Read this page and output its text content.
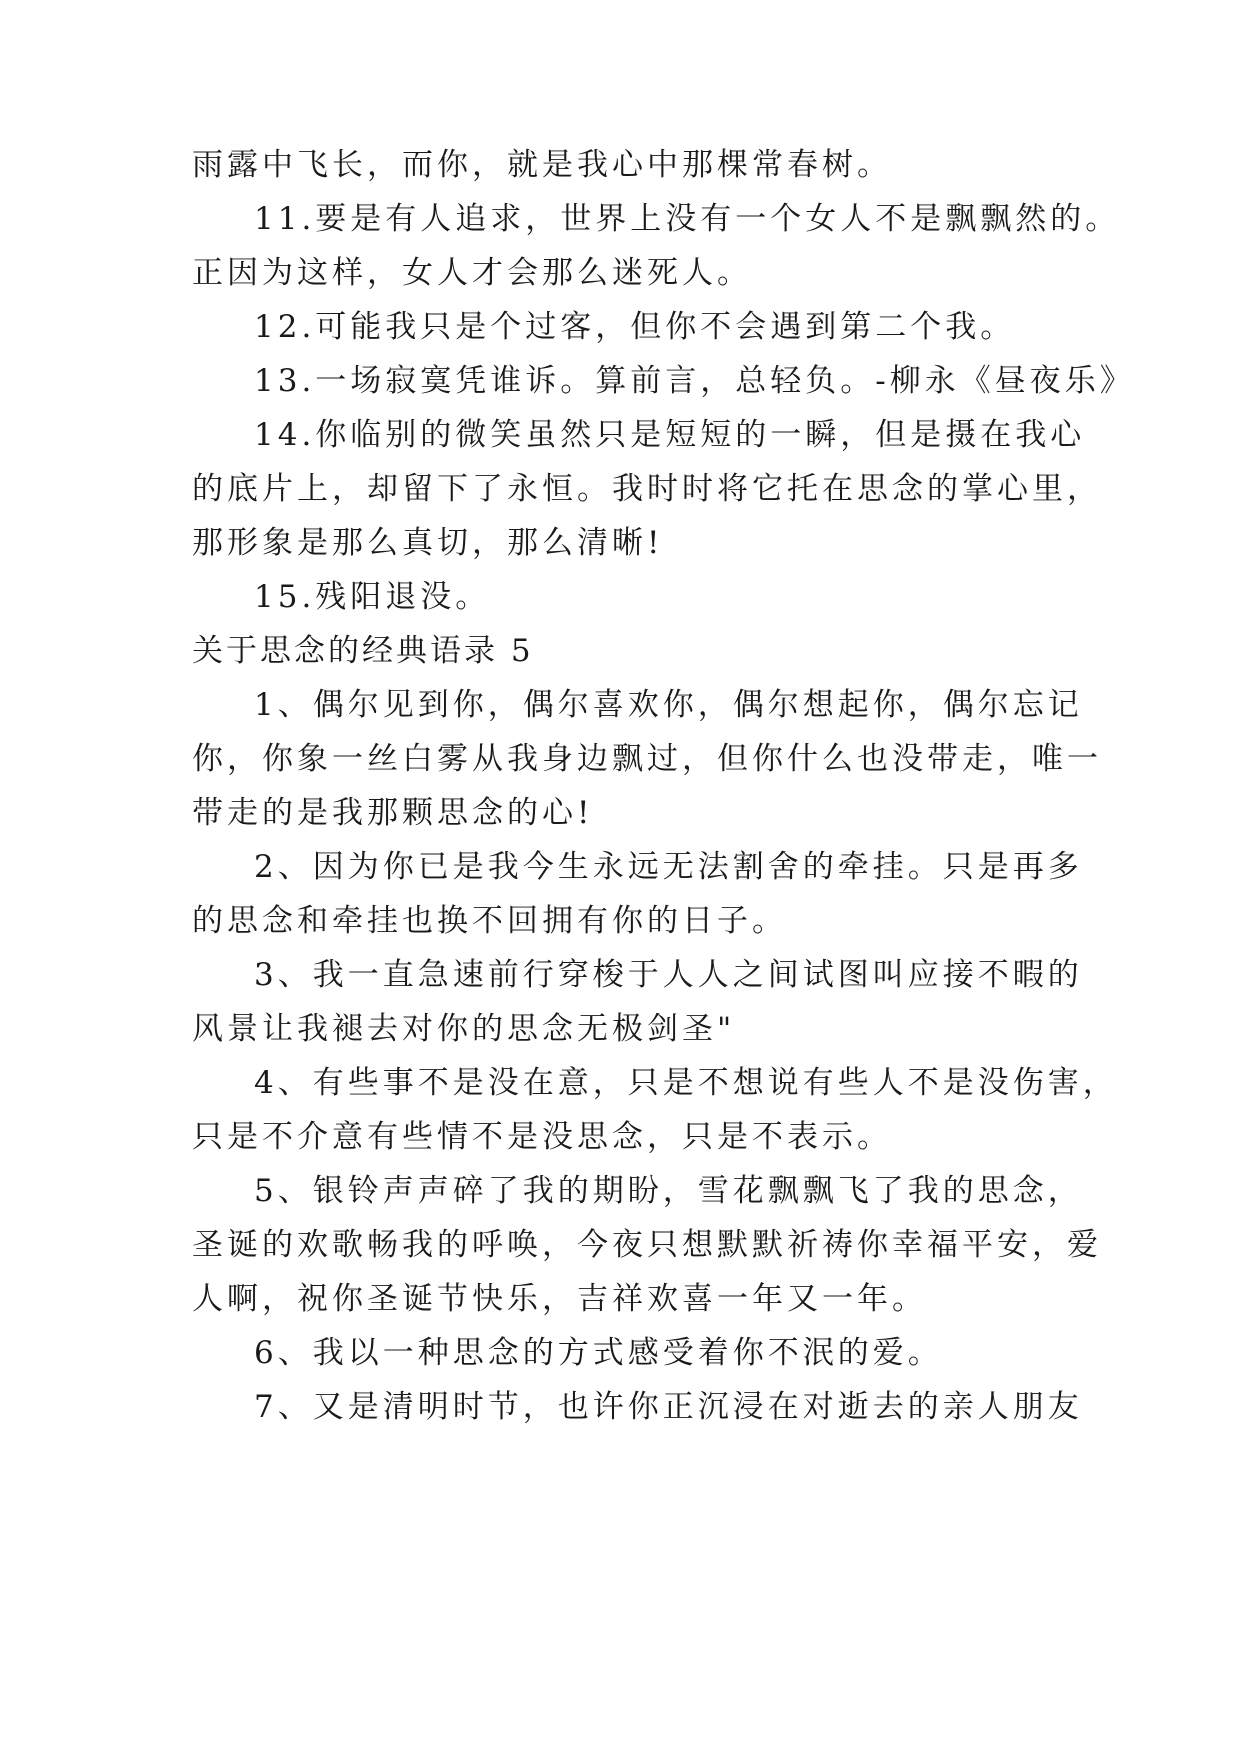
雨露中飞长，而你，就是我心中那棵常春树。
11.要是有人追求，世界上没有一个女人不是飘飘然的。
正因为这样，女人才会那么迷死人。
12.可能我只是个过客，但你不会遇到第二个我。
13.一场寂寞凭谁诉。算前言，总轻负。-柳永《昼夜乐》
14.你临别的微笑虽然只是短短的一瞬，但是摄在我心
的底片上，却留下了永恒。我时时将它托在思念的掌心里，
那形象是那么真切，那么清晰!
15.残阳退没。
关于思念的经典语录 5
1、偶尔见到你，偶尔喜欢你，偶尔想起你，偶尔忘记
你，你象一丝白雾从我身边飘过，但你什么也没带走，唯一
带走的是我那颗思念的心!
2、因为你已是我今生永远无法割舍的牵挂。只是再多
的思念和牵挂也换不回拥有你的日子。
3、我一直急速前行穿梭于人人之间试图叫应接不暇的
风景让我褪去对你的思念无极剑圣"
4、有些事不是没在意，只是不想说有些人不是没伤害，
只是不介意有些情不是没思念，只是不表示。
5、银铃声声碎了我的期盼，雪花飘飘飞了我的思念，
圣诞的欢歌畅我的呼唤，今夜只想默默祈祷你幸福平安，爱
人啊，祝你圣诞节快乐，吉祥欢喜一年又一年。
6、我以一种思念的方式感受着你不泯的爱。
7、又是清明时节，也许你正沉浸在对逝去的亲人朋友
